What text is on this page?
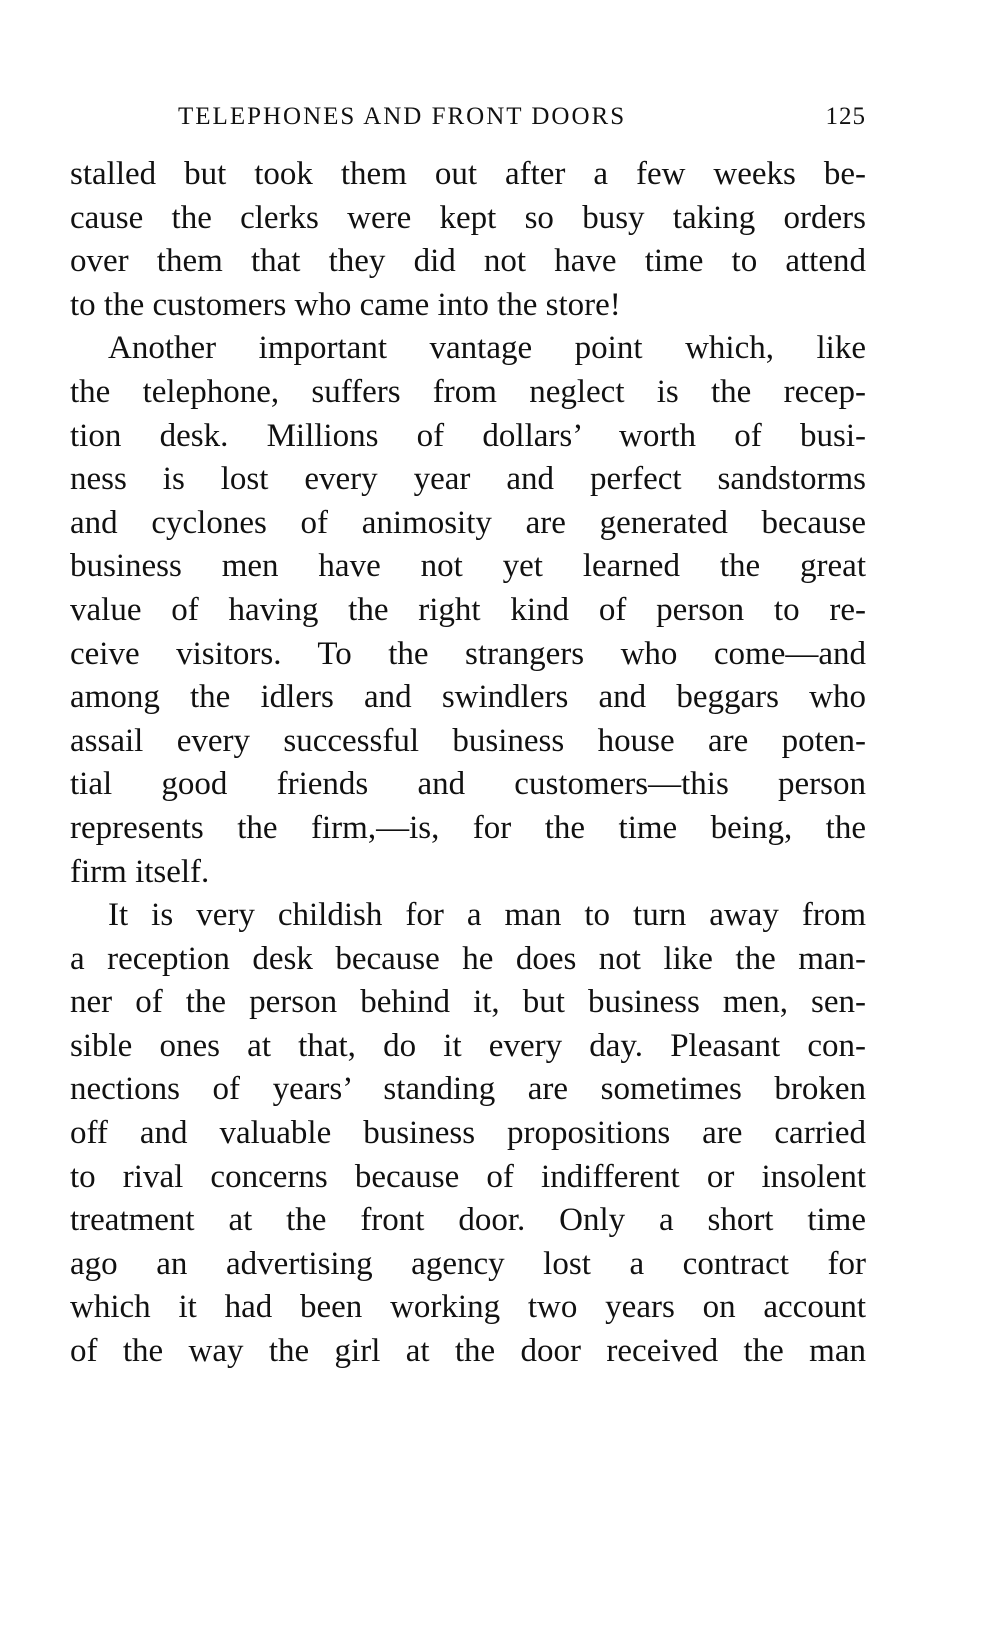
TELEPHONES AND FRONT DOORS	125
stalled but took them out after a few weeks be-
cause the clerks were kept so busy taking orders
over them that they did not have time to attend
to the customers who came into the store!
Another important vantage point which, like
the telephone, suffers from neglect is the recep-
tion desk. Millions of dollars’ worth of busi-
ness is lost every year and perfect sandstorms
and cyclones of animosity are generated because
business men have not yet learned the great
value of having the right kind of person to re-
ceive visitors. To the strangers who come—and
among the idlers and swindlers and beggars who
assail every successful business house are poten-
tial good friends and customers—this person
represents the firm,—is, for the time being, the
firm itself.
It is very childish for a man to turn away from
a reception desk because he does not like the man-
ner of the person behind it, but business men, sen-
sible ones at that, do it every day. Pleasant con-
nections of years’ standing are sometimes broken
off and valuable business propositions are carried
to rival concerns because of indifferent or insolent
treatment at the front door. Only a short time
ago an advertising agency lost a contract for
which it had been working two years on account
of the way the girl at the door received the man
